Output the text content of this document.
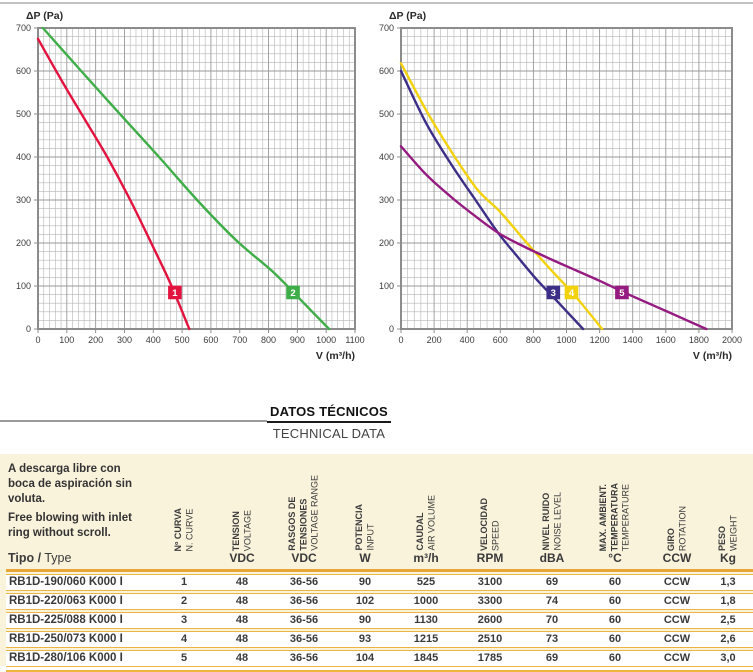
0 100 200 300 400 500 600 700 800 900 1000 1100
0
100
200
300
400
500
600
700
1	2
ΔP (Pa)
V (m³/h)
0	200 400 600 800 1000 1200 1400 1600 1800 2000
0
100
200
300
400
500
600
700
3 4	5
ΔP (Pa)
V (m³/h)
DATOS TÉCNICOS
TECHNICAL DATA
A descarga libre con boca de aspiración sin voluta.
Free blowing with inlet ring without scroll.
Tipo / Type
Nº CURVA N. CURVE	TENSION VOLTAGE
VDC
RASGOS DE TENSIONES VOLTAGE RANGE
VDC
POTENCIA INPUT
W
CAUDAL AIR VOLUME
m³/h
VELOCIDAD SPEED
RPM
NIVEL RUIDO NOISE LEVEL
dBA
MAX. AMBIENT. TEMPERATURA TEMPERATURE
°C
GIRO ROTATION
CCW
PESO WEIGHT
Kg
RB1D-190/060 K000 I	1	48	36-56	90	525	3100	69	60	CCW	1,3
RB1D-220/063 K000 I	2	48	36-56	102	1000	3300	74	60	CCW	1,8
RB1D-225/088 K000 I	3	48	36-56	90	1130	2600	70	60	CCW	2,5
RB1D-250/073 K000 I	4	48	36-56	93	1215	2510	73	60	CCW	2,6
RB1D-280/106 K000 I	5	48	36-56	104	1845	1785	69	60	CCW	3,0
